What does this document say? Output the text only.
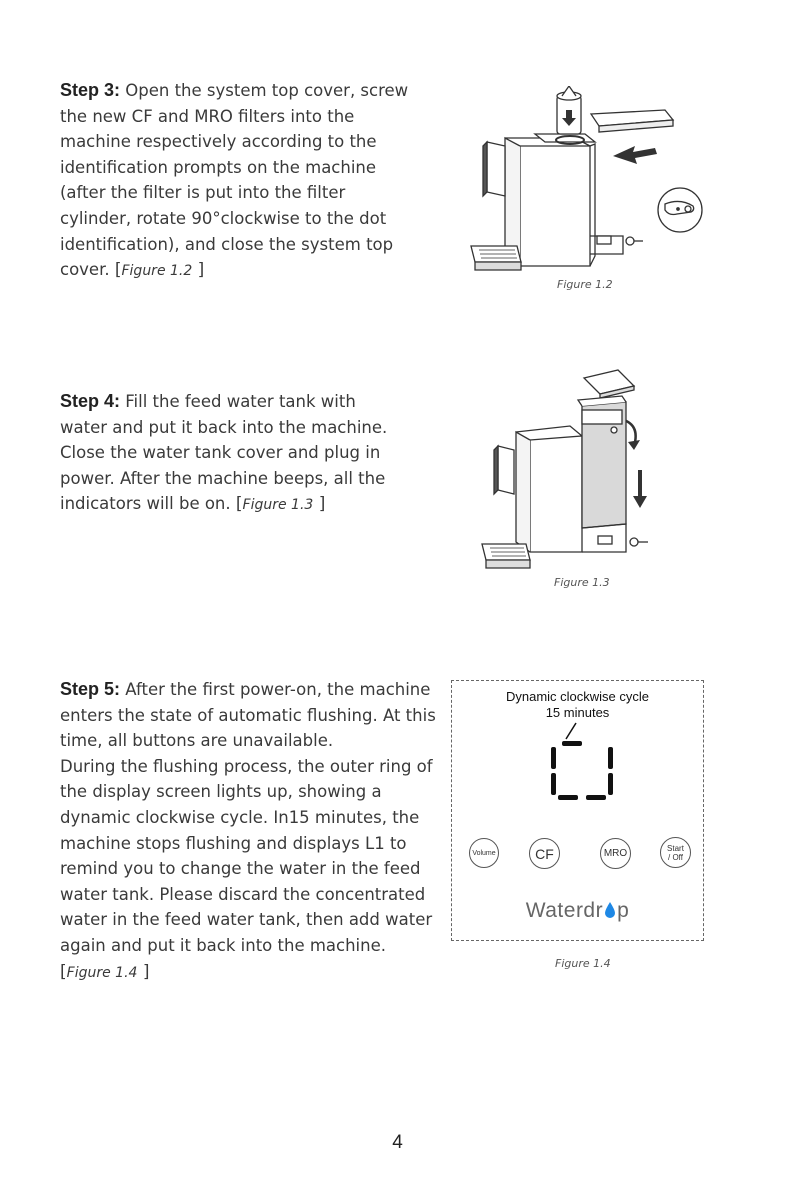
Step 3: Open the system top cover, screw
the new CF and MRO filters into the
machine respectively according to the
identification prompts on the machine
(after the filter is put into the filter
cylinder, rotate 90°clockwise to the dot
identification), and close the system top
cover. [Figure 1.2 ]
Figure 1.2
Step 4: Fill the feed water tank with
water and put it back into the machine.
Close the water tank cover and plug in
power. After the machine beeps, all the
indicators will be on. [Figure 1.3 ]
Figure 1.3
Step 5: After the first power-on, the machine
enters the state of automatic flushing. At this
time, all buttons are unavailable.
During the flushing process, the outer ring of
the display screen lights up, showing a
dynamic clockwise cycle. In15 minutes, the
machine stops flushing and displays L1 to
remind you to change the water in the feed
water tank. Please discard the concentrated
water in the feed water tank, then add water
again and put it back into the machine.
[Figure 1.4 ]
Dynamic clockwise cycle
15 minutes
Volume	CF	MRO	Start
/ Off
Waterdr p
Figure 1.4
4
